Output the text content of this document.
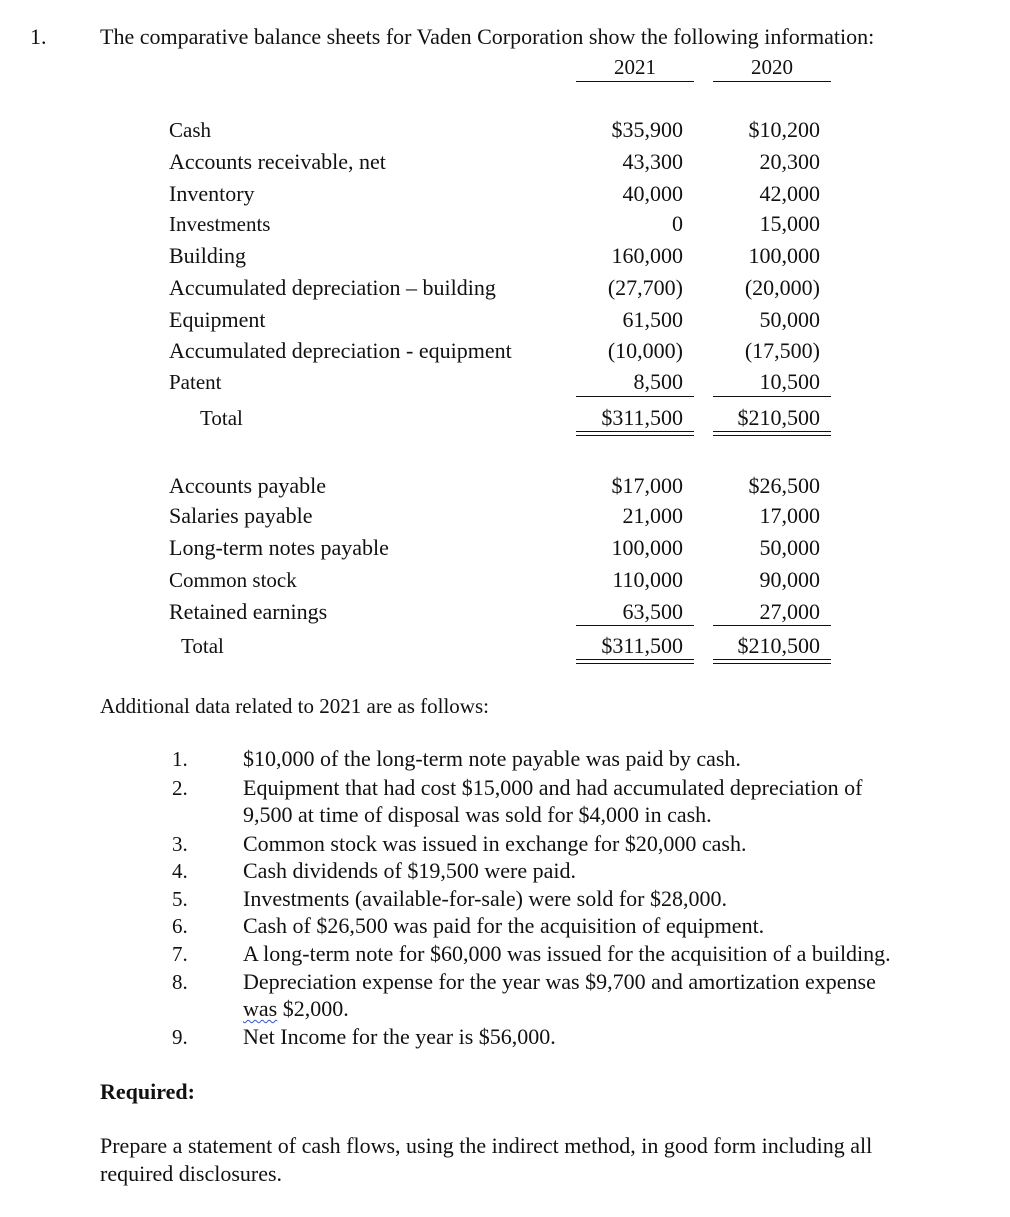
1. The comparative balance sheets for Vaden Corporation show the following information:
2021	2020
Cash	$35,900	$10,200
Accounts receivable, net	43,300	20,300
Inventory	40,000	42,000
Investments	0	15,000
Building	160,000	100,000
Accumulated depreciation – building	(27,700)	(20,000)
Equipment	61,500	50,000
Accumulated depreciation - equipment	(10,000)	(17,500)
Patent	8,500	10,500
Total	$311,500	$210,500
Accounts payable	$17,000	$26,500
Salaries payable	21,000	17,000
Long-term notes payable	100,000	50,000
Common stock	110,000	90,000
Retained earnings	63,500	27,000
Total	$311,500	$210,500
Additional data related to 2021 are as follows:
1.	$10,000 of the long-term note payable was paid by cash.
2.	Equipment that had cost $15,000 and had accumulated depreciation of
9,500 at time of disposal was sold for $4,000 in cash.
3.	Common stock was issued in exchange for $20,000 cash.
4.	Cash dividends of $19,500 were paid.
5.	Investments (available-for-sale) were sold for $28,000.
6.	Cash of $26,500 was paid for the acquisition of equipment.
7.	A long-term note for $60,000 was issued for the acquisition of a building.
8.	Depreciation expense for the year was $9,700 and amortization expense
was $2,000.
9.	Net Income for the year is $56,000.
Required:
Prepare a statement of cash flows, using the indirect method, in good form including all
required disclosures.
